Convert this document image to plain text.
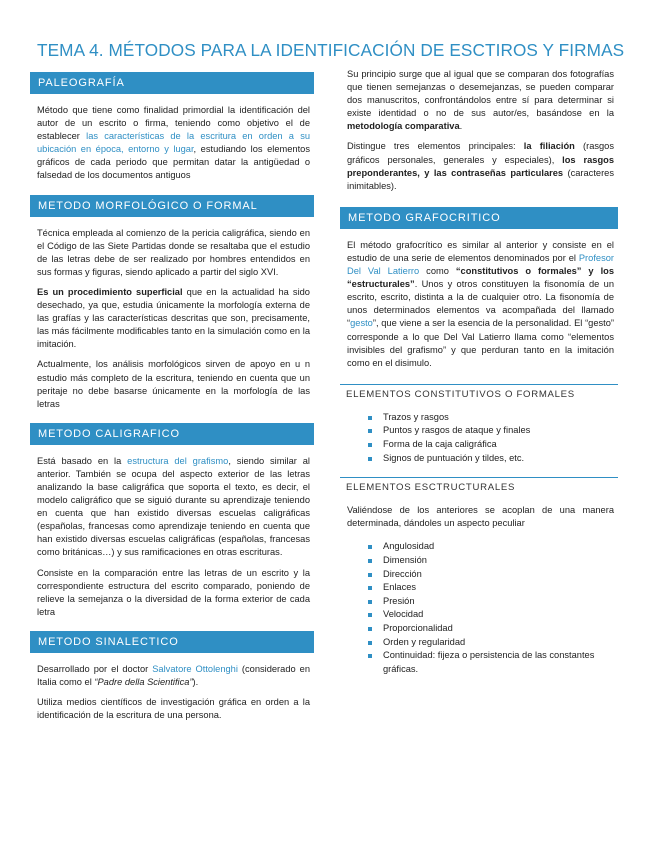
TEMA 4. MÉTODOS PARA LA IDENTIFICACIÓN DE ESCTIROS Y FIRMAS
PALEOGRAFÍA

Método que tiene como finalidad primordial la identificación del autor de un escrito o firma, teniendo como objetivo el de establecer las características de la escritura en orden a su ubicación en época, entorno y lugar, estudiando los elementos gráficos de cada periodo que permitan datar la antigüedad o falsedad de los documentos antiguos

METODO MORFOLÓGICO O FORMAL

Técnica empleada al comienzo de la pericia caligráfica, siendo en el Código de las Siete Partidas donde se resaltaba que el estudio de las letras debe de ser realizado por hombres entendidos en sus formas y figuras, siendo aplicado a partir del siglo XVI.

Es un procedimiento superficial que en la actualidad ha sido desechado, ya que, estudia únicamente la morfología externa de las grafías y las características descritas que son, precisamente, las más fácilmente modificables tanto en la simulación como en la imitación.

Actualmente, los análisis morfológicos sirven de apoyo en u n estudio más completo de la escritura, teniendo en cuenta que un peritaje no debe basarse únicamente en la morfología de las letras

METODO CALIGRAFICO

Está basado en la estructura del grafismo, siendo similar al anterior. También se ocupa del aspecto exterior de las letras analizando la base caligráfica que soporta el texto, es decir, el modelo caligráfico que se siguió durante su aprendizaje teniendo en cuenta que han existido diversas escuelas caligráficas (españolas, francesas como aprendizaje teniendo en cuenta que han existido diversas escuelas caligráficas (españolas, francesas como británicas…) y sus ramificaciones en otras escrituras.

Consiste en la comparación entre las letras de un escrito y la correspondiente estructura del escrito comparado, poniendo de relieve la semejanza o la diversidad de la forma exterior de cada letra

METODO SINALECTICO

Desarrollado por el doctor Salvatore Ottolenghi (considerado en Italia como el “Padre della Scientifica”).

Utiliza medios científicos de investigación gráfica en orden a la identificación de la escritura de una persona.

Su principio surge que al igual que se comparan dos fotografías que tienen semejanzas o desemejanzas, se pueden comparar dos manuscritos, confrontándolos entre sí para determinar si existe identidad o no de sus autor/es, basándose en la metodología comparativa.

Distingue tres elementos principales: la filiación (rasgos gráficos personales, generales y especiales), los rasgos preponderantes, y las contraseñas particulares (caracteres inimitables).

METODO GRAFOCRITICO

El método grafocrítico es similar al anterior y consiste en el estudio de una serie de elementos denominados por el Profesor Del Val Latierro como “constitutivos o formales” y los “estructurales”. Unos y otros constituyen la fisonomía de un escrito, escrito, distinta a la de cualquier otro. La fisonomía de unos determinados elementos va acompañada del llamado “gesto”, que viene a ser la esencia de la personalidad. El “gesto” corresponde a lo que Del Val Latierro llama como “elementos invisibles del grafismo” y que perduran tanto en la imitación como en el disimulo.

ELEMENTOS CONSTITUTIVOS O FORMALES
Trazos y rasgos
Puntos y rasgos de ataque y finales
Forma de la caja caligráfica
Signos de puntuación y tildes, etc.
ELEMENTOS ESCTRUCTURALES

Valiéndose de los anteriores se acoplan de una manera determinada, dándoles un aspecto peculiar

Angulosidad
Dimensión
Dirección
Enlaces
Presión
Velocidad
Proporcionalidad
Orden y regularidad
Continuidad: fijeza o persistencia de las constantes gráficas.
